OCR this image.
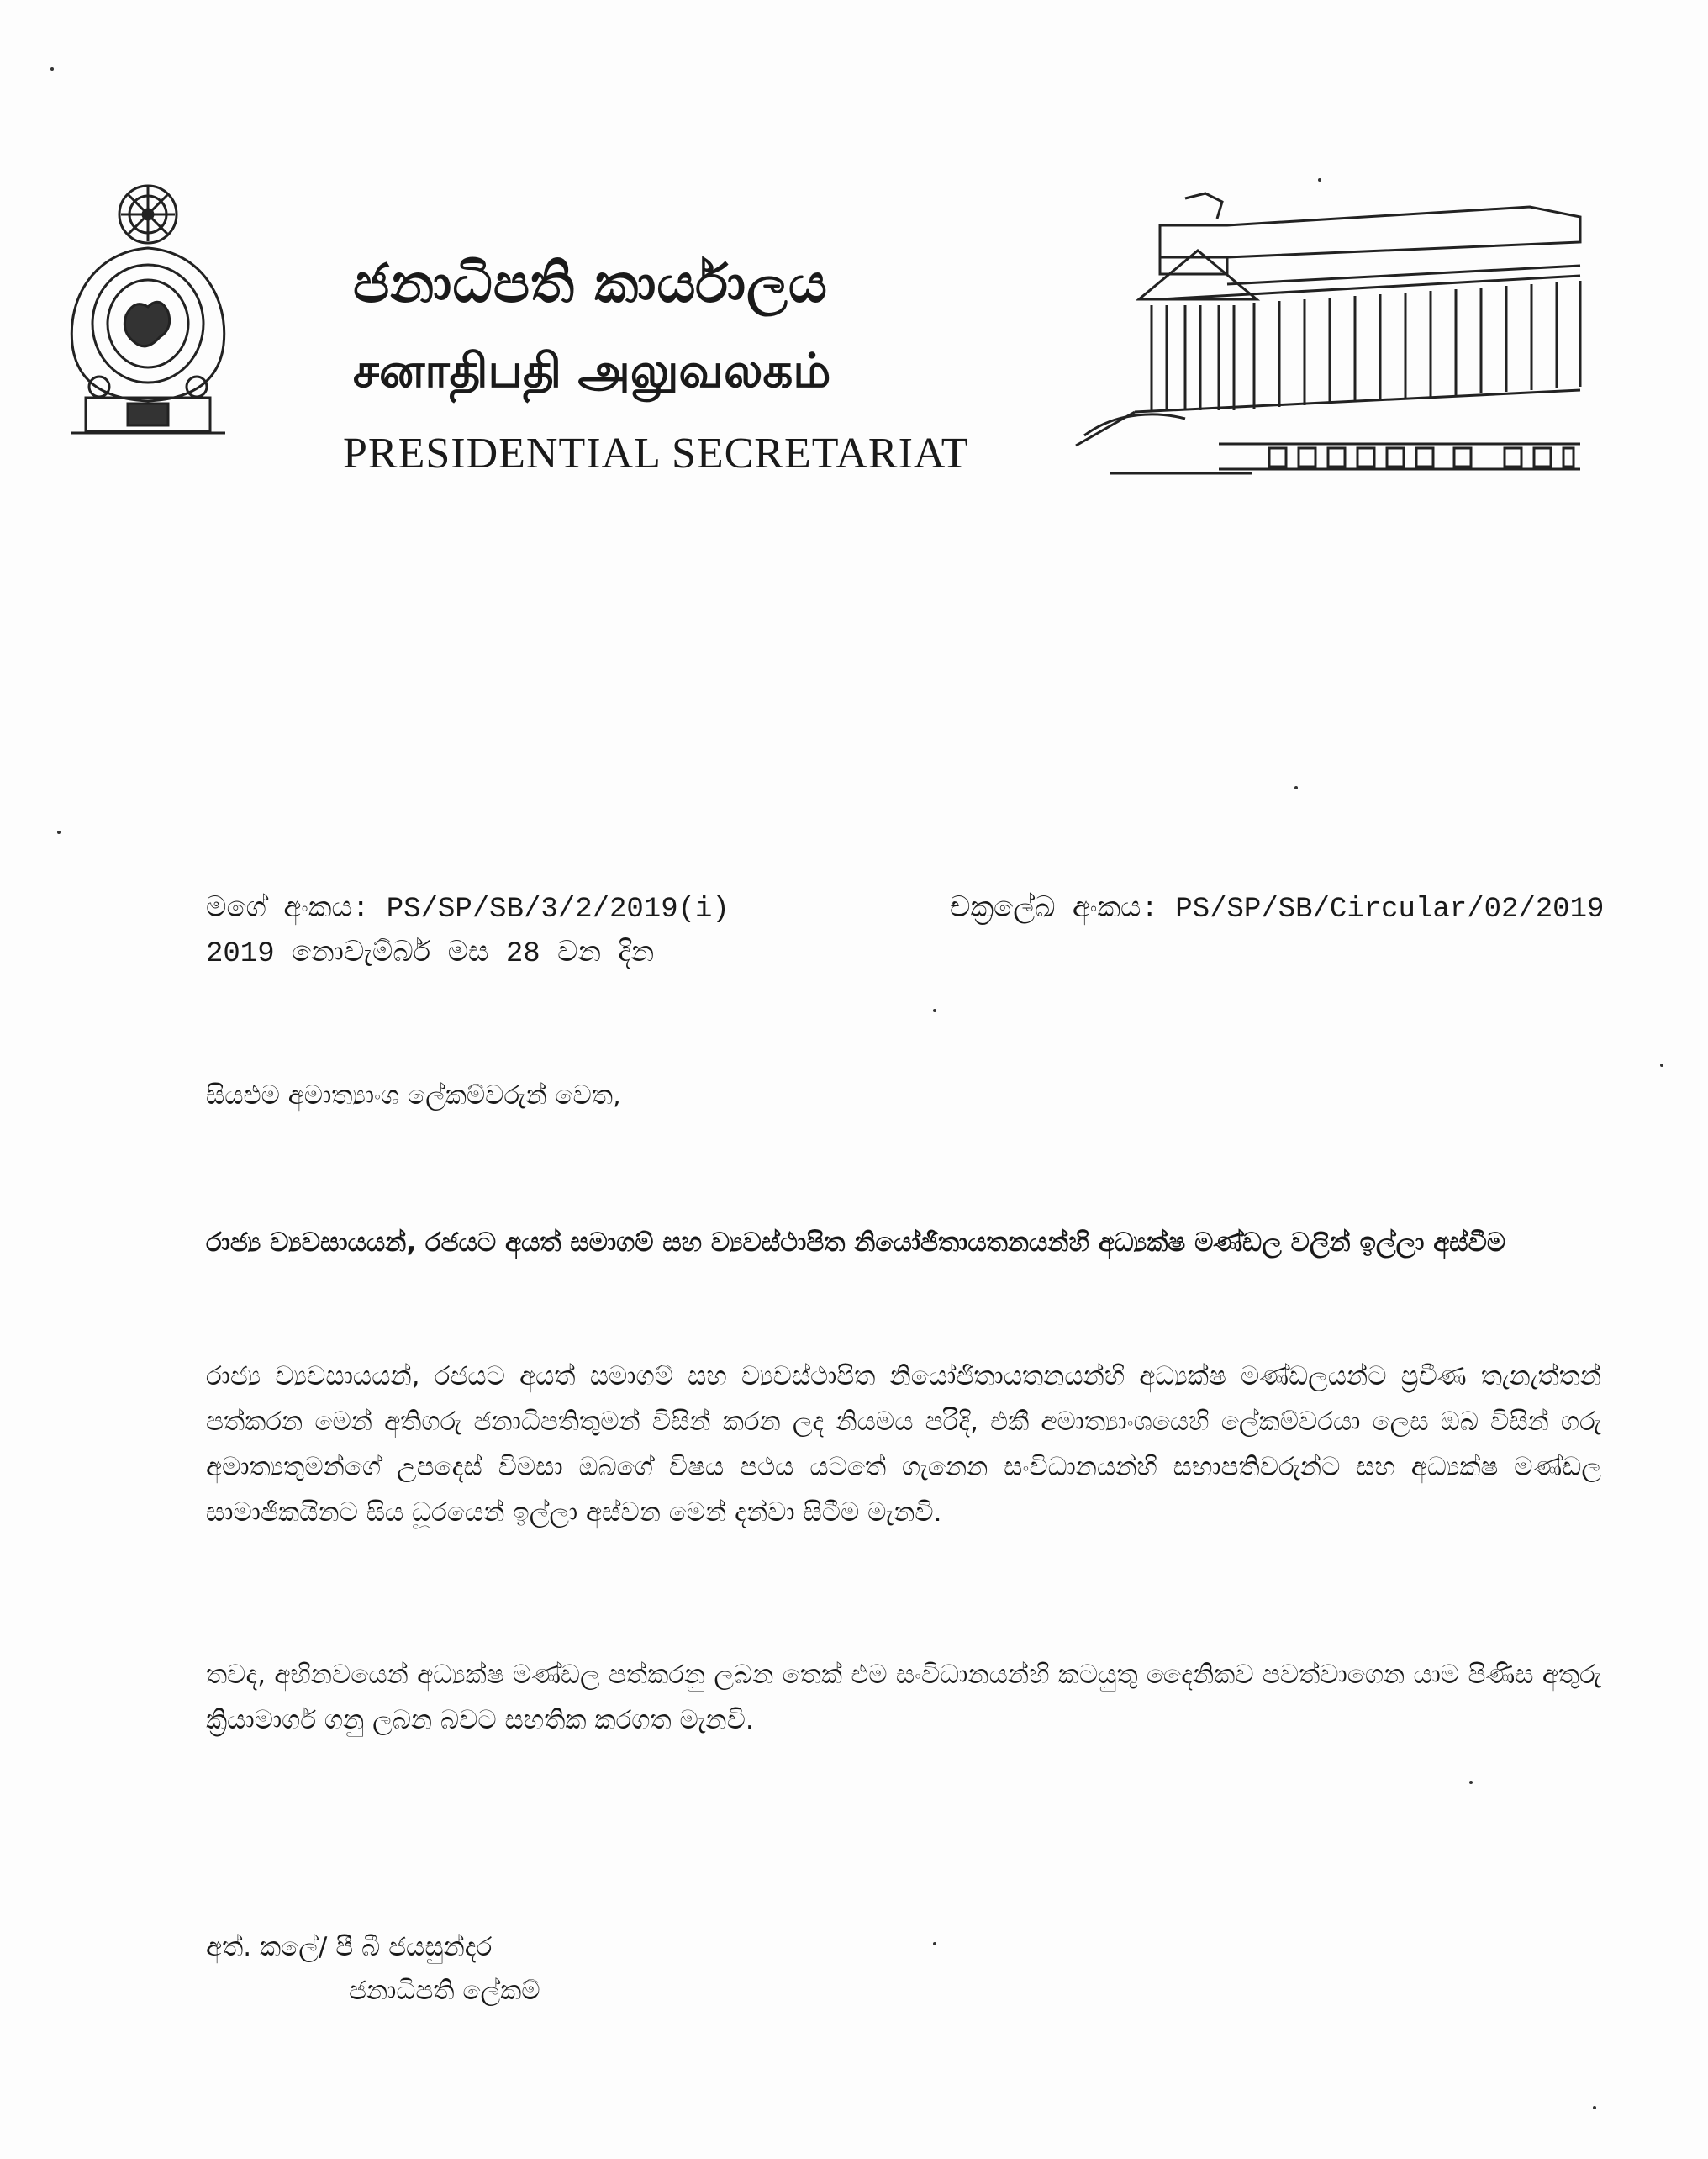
ජනාධිපති කාර්යාලය
சனாதிபதி அலுவலகம்
PRESIDENTIAL SECRETARIAT
මගේ අංකය: PS/SP/SB/3/2/2019(i)
2019 නොවැම්බර් මස 28 වන දින
චක්‍රලේඛ අංකය: PS/SP/SB/Circular/02/2019
සියළුම අමාත්‍යාංශ ලේකම්වරුන් වෙත,
රාජ්‍ය ව්‍යවසායයන්, රජයට අයත් සමාගම් සහ ව්‍යවස්ථාපිත නියෝජිතායතනයන්හි අධ්‍යක්ෂ මණ්ඩල වලින් ඉල්ලා අස්වීම
රාජ්‍ය ව්‍යවසායයන්, රජයට අයත් සමාගම් සහ ව්‍යවස්ථාපිත නියෝජිතායතනයන්හි අධ්‍යක්ෂ මණ්ඩලයන්ට ප්‍රවීණ තැනැත්තන් පත්කරන මෙන් අතිගරු ජනාධිපතිතුමන් විසින් කරන ලද නියමය පරිදි, එකී අමාත්‍යාංශයෙහි ලේකම්වරයා ලෙස ඔබ විසින් ගරු අමාත්‍යතුමන්ගේ උපදෙස් විමසා ඔබගේ විෂය පථය යටතේ ගැනෙන සංවිධානයන්හි සභාපතිවරුන්ට සහ අධ්‍යක්ෂ මණ්ඩල සාමාජිකයිනට සිය ධූරයෙන් ඉල්ලා අස්වන මෙන් දන්වා සිටීම මැනවි.
තවද, අභිනවයෙන් අධ්‍යක්ෂ මණ්ඩල පත්කරනු ලබන තෙක් එම සංවිධානයන්හි කටයුතු දෛනිකව පවත්වාගෙන යාම පිණිස අතුරු ක්‍රියාමාර්ග ගනු ලබන බවට සහතික කරගත මැනවි.
අත්. කලේ/ පී බී ජයසුන්දර
ජනාධිපති ලේකම්
